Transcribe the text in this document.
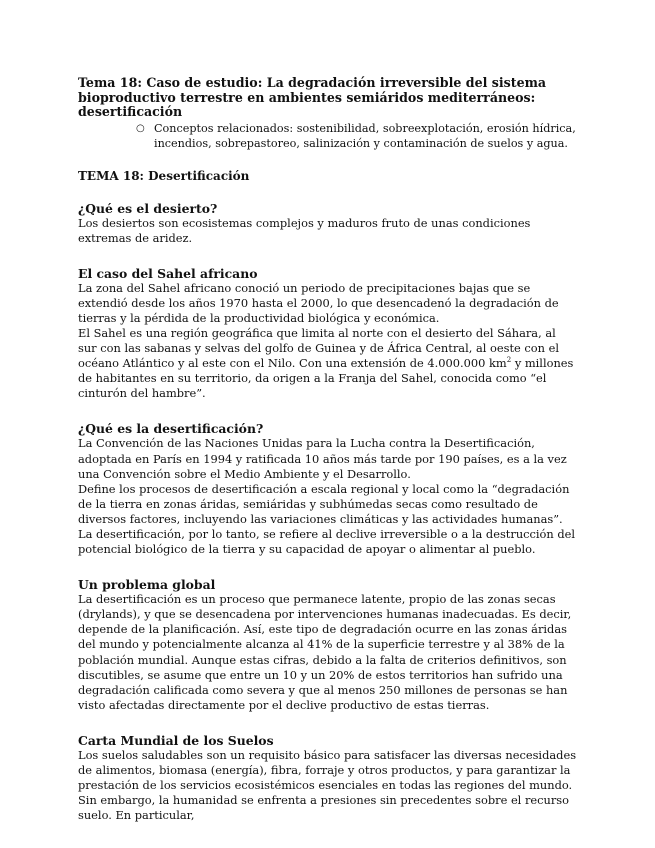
Tema 18: Caso de estudio: La degradación irreversible del sistema bioproductivo terrestre en ambientes semiáridos mediterráneos: desertificación

○ Conceptos relacionados: sostenibilidad, sobreexplotación, erosión hídrica, incendios, sobrepastoreo, salinización y contaminación de suelos y agua.
TEMA 18: Desertificación
¿Qué es el desierto?

Los desiertos son ecosistemas complejos y maduros fruto de unas condiciones extremas de aridez.

El caso del Sahel africano

La zona del Sahel africano conoció un periodo de precipitaciones bajas que se extendió desde los años 1970 hasta el 2000, lo que desencadenó la degradación de tierras y la pérdida de la productividad biológica y económica.

El Sahel es una región geográfica que limita al norte con el desierto del Sáhara, al sur con las sabanas y selvas del golfo de Guinea y de África Central, al oeste con el océano Atlántico y al este con el Nilo. Con una extensión de 4.000.000 $km^2$ y millones de habitantes en su territorio, da origen a la Franja del Sahel, conocida como “el cinturón del hambre”.

¿Qué es la desertificación?

La Convención de las Naciones Unidas para la Lucha contra la Desertificación, adoptada en París en 1994 y ratificada 10 años más tarde por 190 países, es a la vez una Convención sobre el Medio Ambiente y el Desarrollo.

Define los procesos de desertificación a escala regional y local como la “degradación de la tierra en zonas áridas, semiáridas y subhúmedas secas como resultado de diversos factores, incluyendo las variaciones climáticas y las actividades humanas”.

La desertificación, por lo tanto, se refiere al declive irreversible o a la destrucción del potencial biológico de la tierra y su capacidad de apoyar o alimentar al pueblo.

Un problema global

La desertificación es un proceso que permanece latente, propio de las zonas secas (drylands), y que se desencadena por intervenciones humanas inadecuadas. Es decir, depende de la planificación. Así, este tipo de degradación ocurre en las zonas áridas del mundo y potencialmente alcanza al 41% de la superficie terrestre y al 38% de la población mundial. Aunque estas cifras, debido a la falta de criterios definitivos, son discutibles, se asume que entre un 10 y un 20% de estos territorios han sufrido una degradación calificada como severa y que al menos 250 millones de personas se han visto afectadas directamente por el declive productivo de estas tierras.

Carta Mundial de los Suelos

Los suelos saludables son un requisito básico para satisfacer las diversas necesidades de alimentos, biomasa (energía), fibra, forraje y otros productos, y para garantizar la prestación de los servicios ecosistémicos esenciales en todas las regiones del mundo. Sin embargo, la humanidad se enfrenta a presiones sin precedentes sobre el recurso suelo. En particular,
